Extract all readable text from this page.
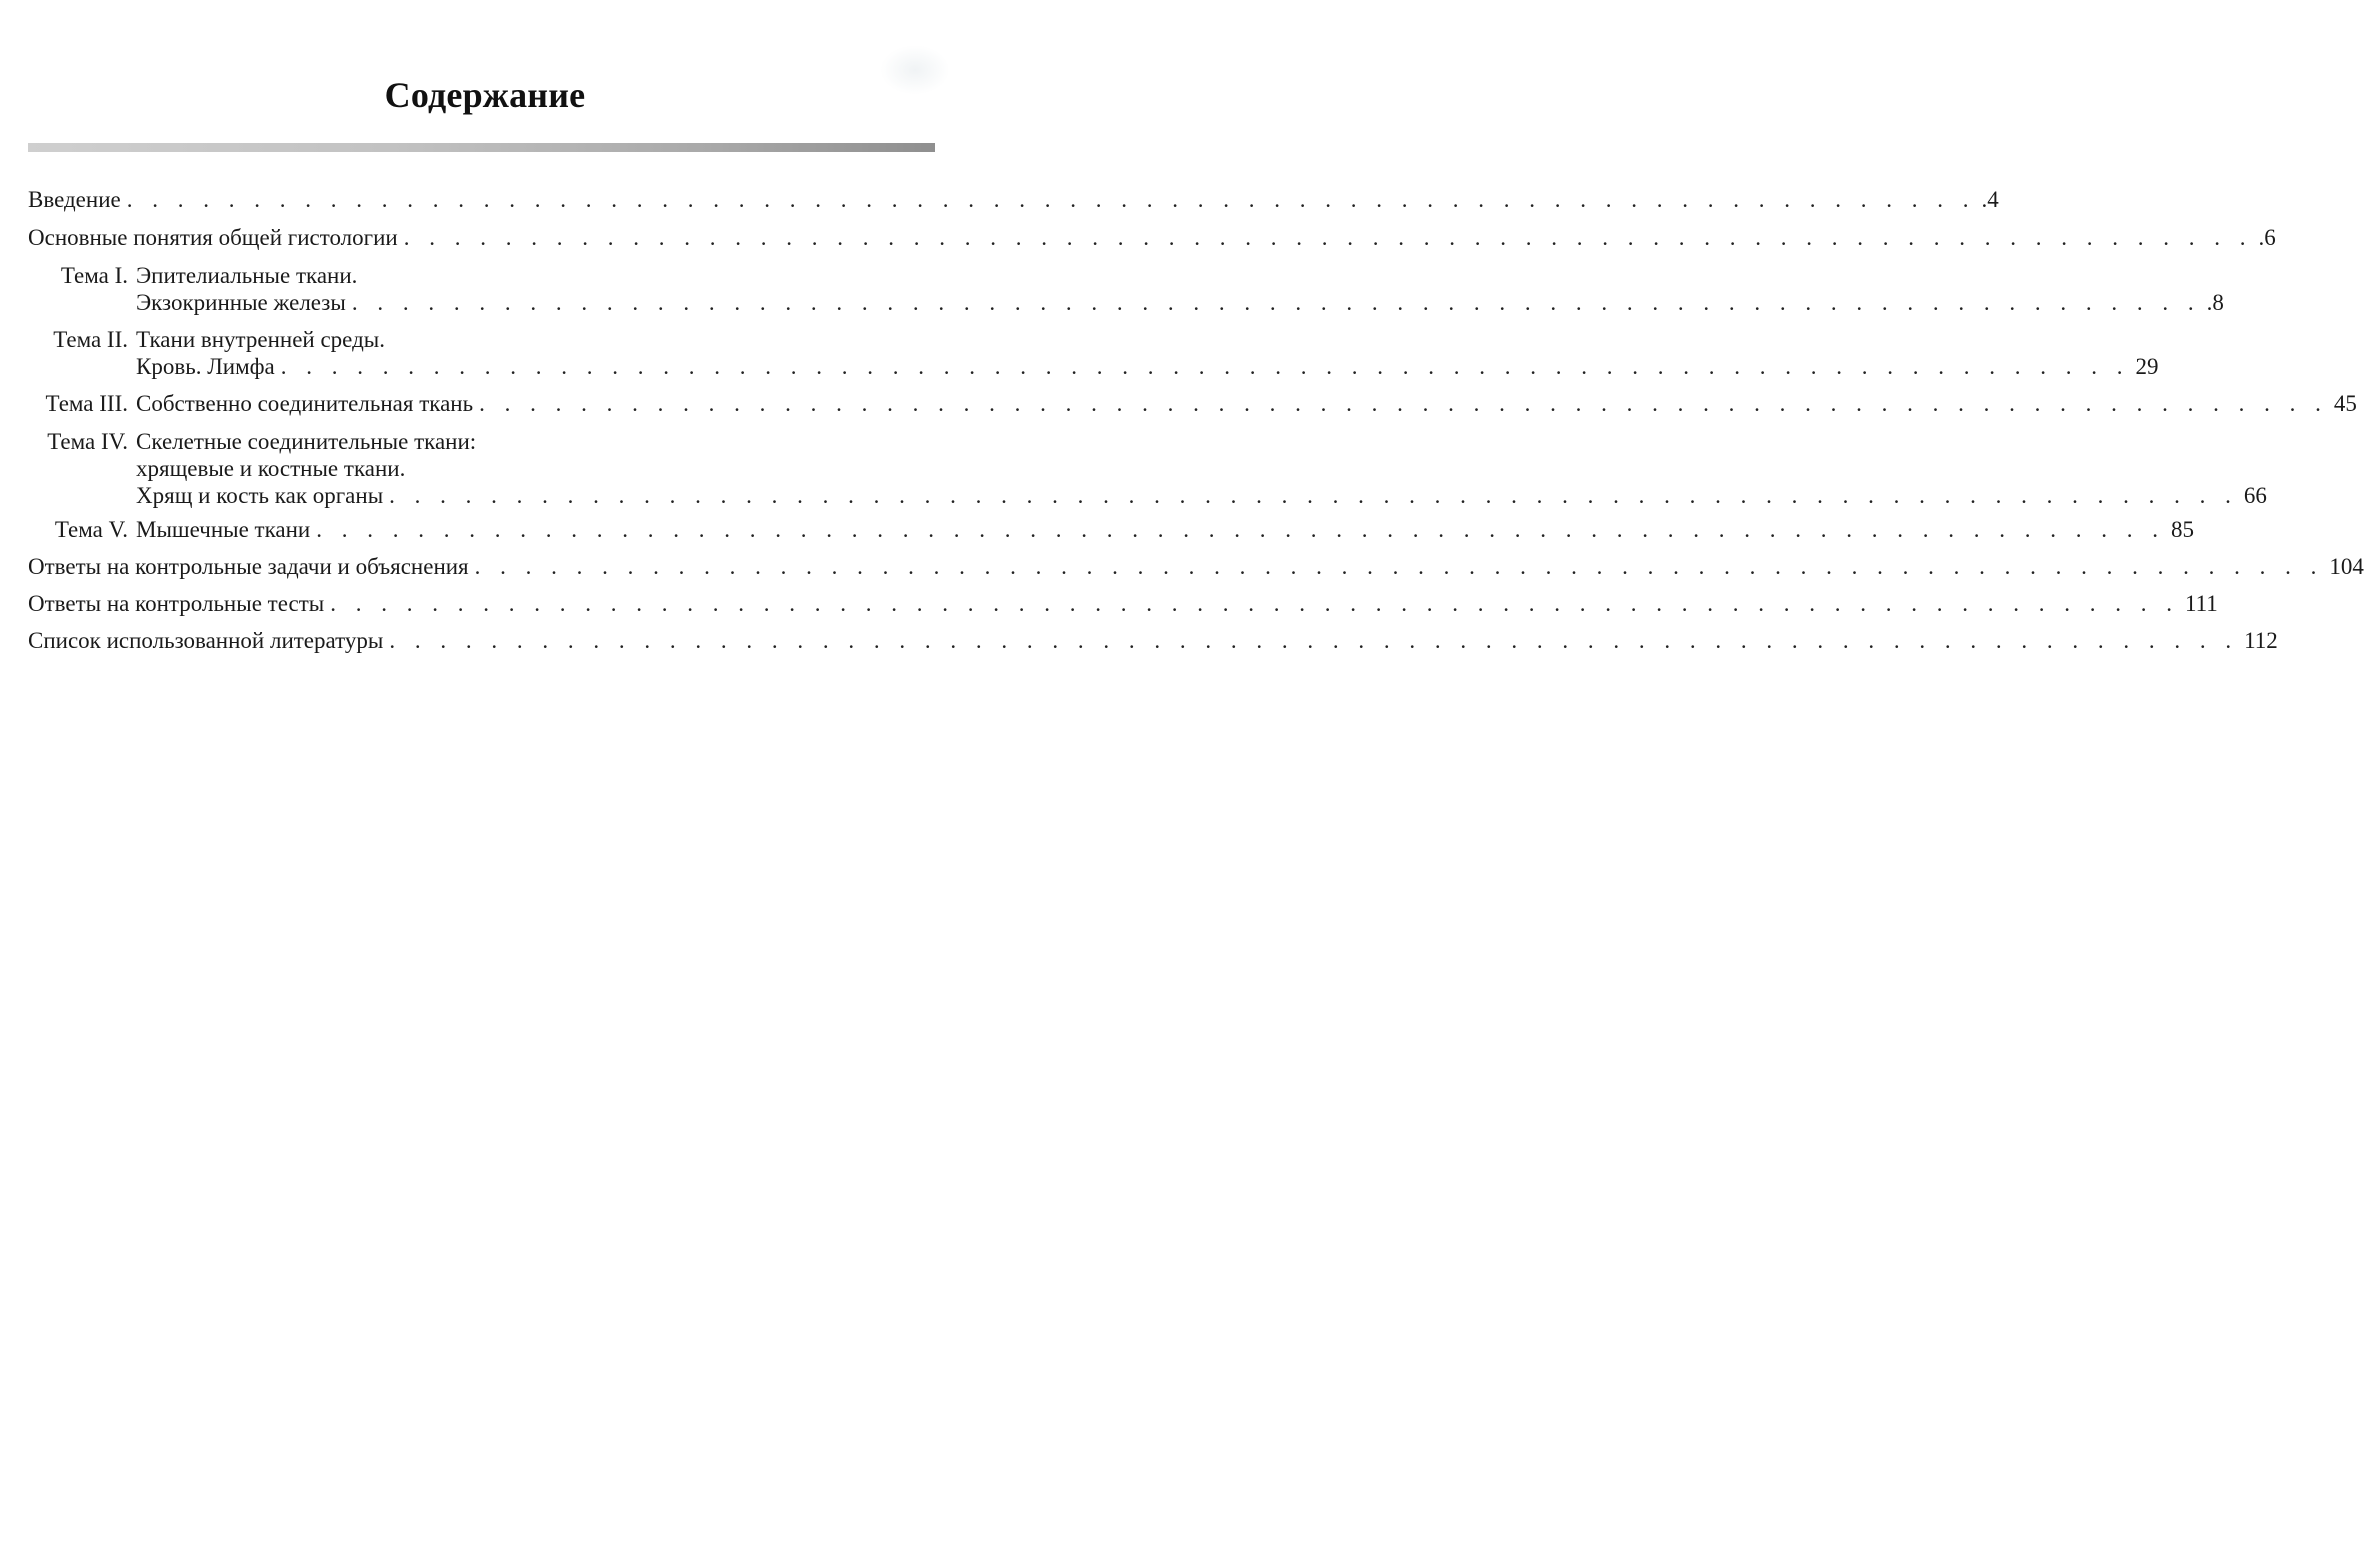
Содержание
Введение . . . . . . . . . . . . . . . . . . . . . . . . . . . . . . . . . . . . . . . . . . . . . . . . . . . . . . . . . . . . . . . . . . . . . . . . . .4
Основные понятия общей гистологии . . . . . . . . . . . . . . . . . . . . . . . . . . . . . . . . . . . . . . . . . . . . . . . . . . . . . . . . . . . . . . . . . . . . . . . . . .6
Тема I. Эпителиальные ткани.
Экзокринные железы . . . . . . . . . . . . . . . . . . . . . . . . . . . . . . . . . . . . . . . . . . . . . . . . . . . . . . . . . . . . . . . . . . . . . . . . . .8
Тема II. Ткани внутренней среды.
Кровь. Лимфа . . . . . . . . . . . . . . . . . . . . . . . . . . . . . . . . . . . . . . . . . . . . . . . . . . . . . . . . . . . . . . . . . . . . . . . . . 29
Тема III. Собственно соединительная ткань . . . . . . . . . . . . . . . . . . . . . . . . . . . . . . . . . . . . . . . . . . . . . . . . . . . . . . . . . . . . . . . . . . . . . . . . . 45
Тема IV. Скелетные соединительные ткани:
хрящевые и костные ткани.
Хрящ и кость как органы . . . . . . . . . . . . . . . . . . . . . . . . . . . . . . . . . . . . . . . . . . . . . . . . . . . . . . . . . . . . . . . . . . . . . . . . . 66
Тема V. Мышечные ткани . . . . . . . . . . . . . . . . . . . . . . . . . . . . . . . . . . . . . . . . . . . . . . . . . . . . . . . . . . . . . . . . . . . . . . . . . 85
Ответы на контрольные задачи и объяснения . . . . . . . . . . . . . . . . . . . . . . . . . . . . . . . . . . . . . . . . . . . . . . . . . . . . . . . . . . . . . . . . . . . . . . . . . 104
Ответы на контрольные тесты . . . . . . . . . . . . . . . . . . . . . . . . . . . . . . . . . . . . . . . . . . . . . . . . . . . . . . . . . . . . . . . . . . . . . . . . . 111
Список использованной литературы . . . . . . . . . . . . . . . . . . . . . . . . . . . . . . . . . . . . . . . . . . . . . . . . . . . . . . . . . . . . . . . . . . . . . . . . . 112
